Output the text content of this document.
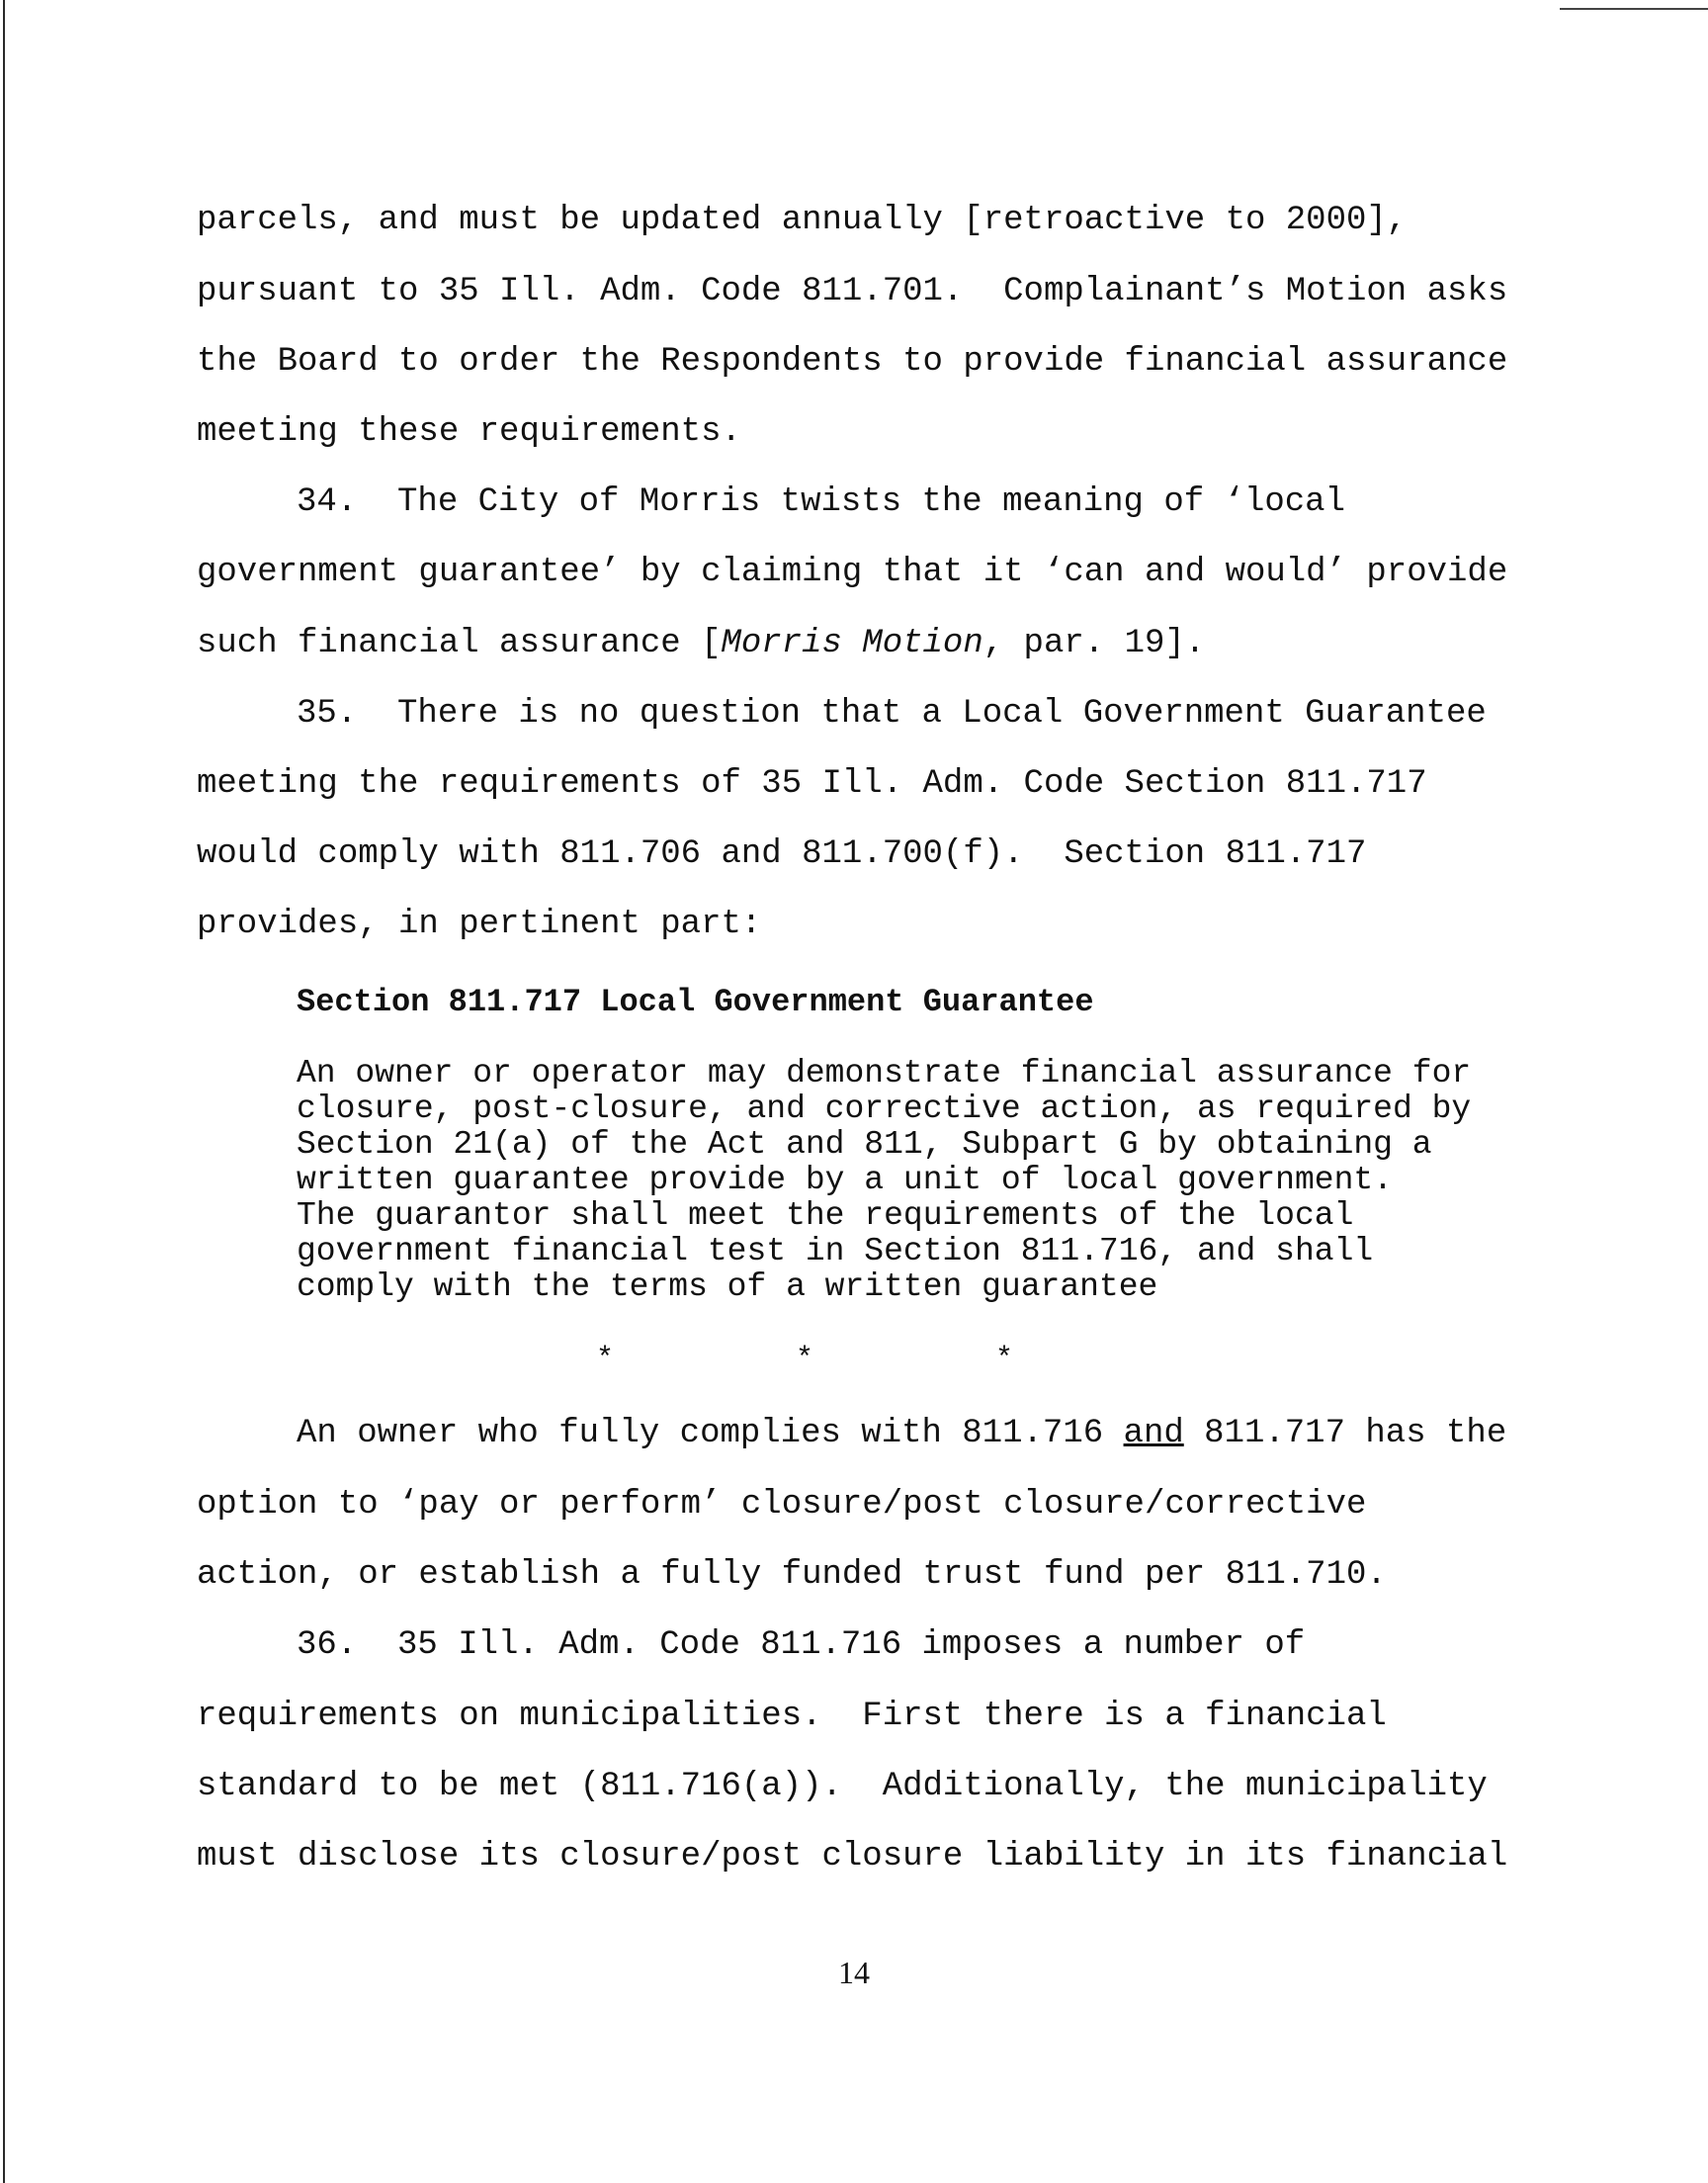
parcels, and must be updated annually [retroactive to 2000],
pursuant to 35 Ill. Adm. Code 811.701.  Complainant’s Motion asks
the Board to order the Respondents to provide financial assurance
meeting these requirements.
34.  The City of Morris twists the meaning of ‘local
government guarantee’ by claiming that it ‘can and would’ provide
such financial assurance [Morris Motion, par. 19].
35.  There is no question that a Local Government Guarantee
meeting the requirements of 35 Ill. Adm. Code Section 811.717
would comply with 811.706 and 811.700(f).  Section 811.717
provides, in pertinent part:
Section 811.717 Local Government Guarantee
An owner or operator may demonstrate financial assurance for
closure, post-closure, and corrective action, as required by
Section 21(a) of the Act and 811, Subpart G by obtaining a
written guarantee provide by a unit of local government.
The guarantor shall meet the requirements of the local
government financial test in Section 811.716, and shall
comply with the terms of a written guarantee
*	*	*
An owner who fully complies with 811.716 and 811.717 has the
option to ‘pay or perform’ closure/post closure/corrective
action, or establish a fully funded trust fund per 811.710.
36.  35 Ill. Adm. Code 811.716 imposes a number of
requirements on municipalities.  First there is a financial
standard to be met (811.716(a)).  Additionally, the municipality
must disclose its closure/post closure liability in its financial
14
